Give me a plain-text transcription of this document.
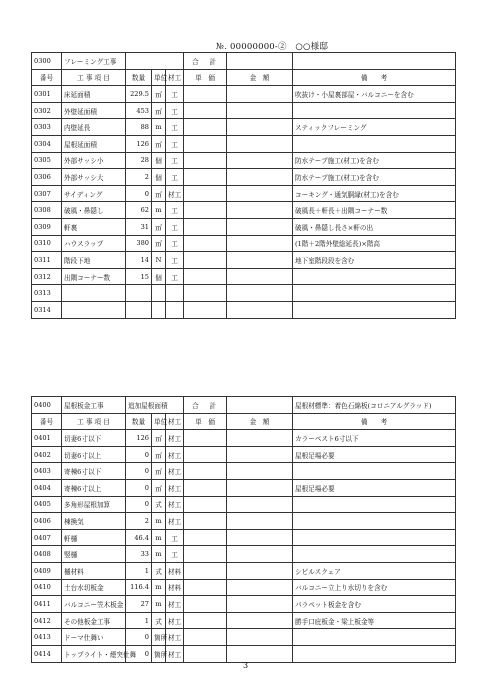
№. 00000000-②　○○様邸
0300	フレーミング工事				合　計		
番号	工 事 項 目	数量	単位	材工	単　価	金　額	備　　考
0301	床延面積	229.5	㎡	工			吹抜け・小屋裏部屋・バルコニーを含む
0302	外壁延面積	453	㎡	工			
0303	内壁延長	88	m	工			スティックフレーミング
0304	屋根延面積	126	㎡	工			
0305	外部サッシ小	28	個	工			防水テープ施工(材工)を含む
0306	外部サッシ大	2	個	工			防水テープ施工(材工)を含む
0307	サイディング	0	㎡	材工			コーキング・通気胴縁(材工)を含む
0308	破風・鼻隠し	62	m	工			破風長＋軒長＋出隅コーナー数
0309	軒裏	31	㎡	工			破風・鼻隠し長さ×軒の出
0310	ハウスラップ	380	㎡	工			(1階＋2階外壁総延長)×階高
0311	階段下地	14	N	工			地下室階段段を含む
0312	出隅コーナー数	15	個	工			
0313							
0314							
0400	屋根板金工事	追加屋根面積			合　計		屋根材標準：着色石綿板(コロニアルグラッド)
番号	工 事 項 目	数量	単位	材工	単　価	金　額	備　　考
0401	切妻6寸以下	126	㎡	材工			カラーベスト6寸以下
0402	切妻6寸以上	0	㎡	材工			屋根足場必要
0403	寄棟6寸以下	0	㎡	材工			
0404	寄棟6寸以上	0	㎡	材工			屋根足場必要
0405	多角形屋根加算	0	式	材工			
0406	棟換気	2	m	材工			
0407	軒樋	46.4	m	工			
0408	竪樋	33	m	工			
0409	樋材料	1	式	材料			シビルスクェア
0410	土台水切板金	116.4	m	材料			バルコニー立上り水切りを含む
0411	バルコニー笠木板金	27	m	材工			パラペット板金を含む
0412	その他板金工事	1	式	材工			勝手口庇板金・梁上板金等
0413	ドーマ仕舞い	0	箇所	材工			
0414	トップライト・煙突仕舞	0	箇所	材工			
3
